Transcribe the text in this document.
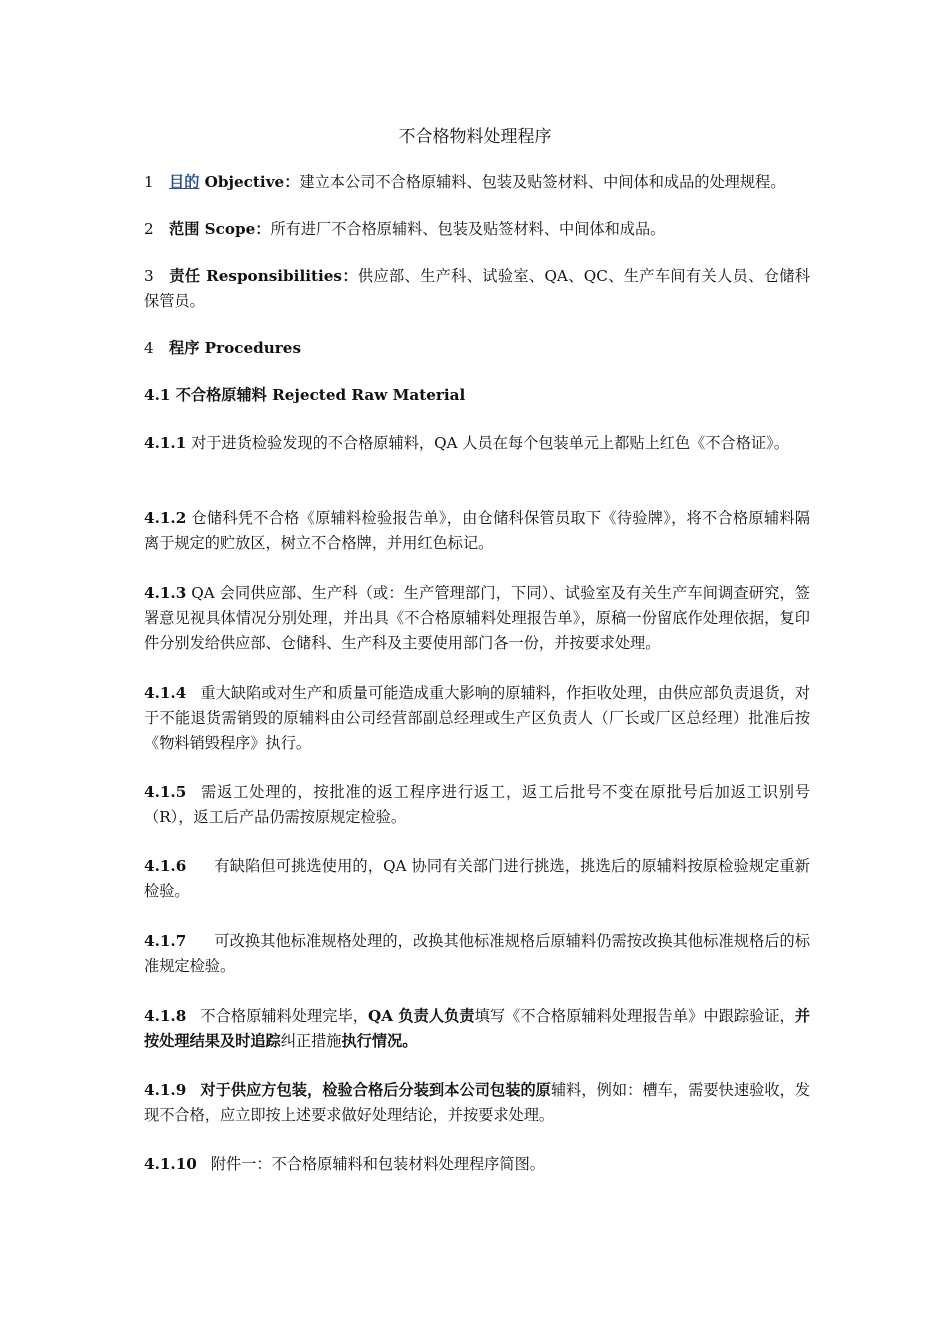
不合格物料处理程序

1 目的 Objective：建立本公司不合格原辅料、包装及贴签材料、中间体和成品的处理规程。

2 范围 Scope：所有进厂不合格原辅料、包装及贴签材料、中间体和成品。

3 责任 Responsibilities：供应部、生产科、试验室、QA、QC、生产车间有关人员、仓储科保管员。

4 程序 Procedures

4.1 不合格原辅料 Rejected Raw Material

4.1.1 对于进货检验发现的不合格原辅料，QA 人员在每个包装单元上都贴上红色《不合格证》。

4.1.2 仓储科凭不合格《原辅料检验报告单》，由仓储科保管员取下《待验牌》，将不合格原辅料隔离于规定的贮放区，树立不合格牌，并用红色标记。

4.1.3 QA 会同供应部、生产科（或：生产管理部门，下同）、试验室及有关生产车间调查研究，签署意见视具体情况分别处理，并出具《不合格原辅料处理报告单》，原稿一份留底作处理依据，复印件分别发给供应部、仓储科、生产科及主要使用部门各一份，并按要求处理。

4.1.4 重大缺陷或对生产和质量可能造成重大影响的原辅料，作拒收处理，由供应部负责退货，对于不能退货需销毁的原辅料由公司经营部副总经理或生产区负责人（厂长或厂区总经理）批准后按《物料销毁程序》执行。

4.1.5 需返工处理的，按批准的返工程序进行返工，返工后批号不变在原批号后加返工识别号（R），返工后产品仍需按原规定检验。

4.1.6 有缺陷但可挑选使用的，QA 协同有关部门进行挑选，挑选后的原辅料按原检验规定重新检验。

4.1.7 可改换其他标准规格处理的，改换其他标准规格后原辅料仍需按改换其他标准规格后的标准规定检验。

4.1.8 不合格原辅料处理完毕，QA 负责人负责填写《不合格原辅料处理报告单》中跟踪验证，并按处理结果及时追踪纠正措施执行情况。

4.1.9 对于供应方包装，检验合格后分装到本公司包装的原辅料，例如：槽车，需要快速验收，发现不合格，应立即按上述要求做好处理结论，并按要求处理。

4.1.10 附件一：不合格原辅料和包装材料处理程序简图。
